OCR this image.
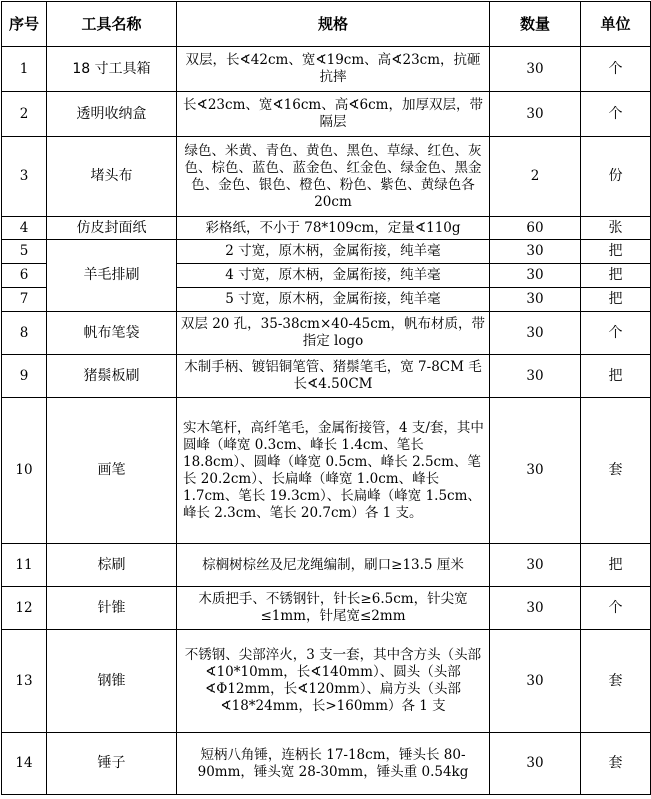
序号	工具名称	规格	数量	单位
1	18 寸工具箱	双层，长∢42cm、宽∢19cm、高∢23cm，抗砸抗摔	30	个
2	透明收纳盒	长∢23cm、宽∢16cm、高∢6cm，加厚双层，带隔层	30	个
3	堵头布	绿色、米黄、青色、黄色、黑色、草绿、红色、灰色、棕色、蓝色、蓝金色、红金色、绿金色、黑金色、金色、银色、橙色、粉色、紫色、黄绿色各 20cm	2	份
4	仿皮封面纸	彩格纸，不小于 78*109cm，定量∢110g	60	张
5	羊毛排刷	2 寸宽，原木柄，金属衔接，纯羊毫	30	把
6		4 寸宽，原木柄，金属衔接，纯羊毫	30	把
7		5 寸宽，原木柄，金属衔接，纯羊毫	30	把
8	帆布笔袋	双层 20 孔，35-38cm×40-45cm，帆布材质，带指定 logo	30	个
9	猪鬃板刷	木制手柄、镀铝铜笔管、猪鬃笔毛，宽 7-8CM 毛长∢4.50CM	30	把
10	画笔	实木笔杆，高纤笔毛，金属衔接管，4 支/套，其中圆峰（峰宽 0.3cm、峰长 1.4cm、笔长 18.8cm）、圆峰（峰宽 0.5cm、峰长 2.5cm、笔长 20.2cm）、长扁峰（峰宽 1.0cm、峰长 1.7cm、笔长 19.3cm）、长扁峰（峰宽 1.5cm、峰长 2.3cm、笔长 20.7cm）各 1 支。	30	套
11	棕刷	棕榈树棕丝及尼龙绳编制，刷口≥13.5 厘米	30	把
12	针锥	木质把手、不锈钢针，针长≥6.5cm，针尖宽≤1mm，针尾宽≤2mm	30	个
13	钢锥	不锈钢、尖部淬火，3 支一套，其中含方头（头部∢10*10mm，长∢140mm）、圆头（头部∢Φ12mm，长∢120mm）、扁方头（头部∢18*24mm，长>160mm）各 1 支	30	套
14	锤子	短柄八角锤，连柄长 17-18cm，锤头长 80-90mm，锤头宽 28-30mm，锤头重 0.54kg	30	套
